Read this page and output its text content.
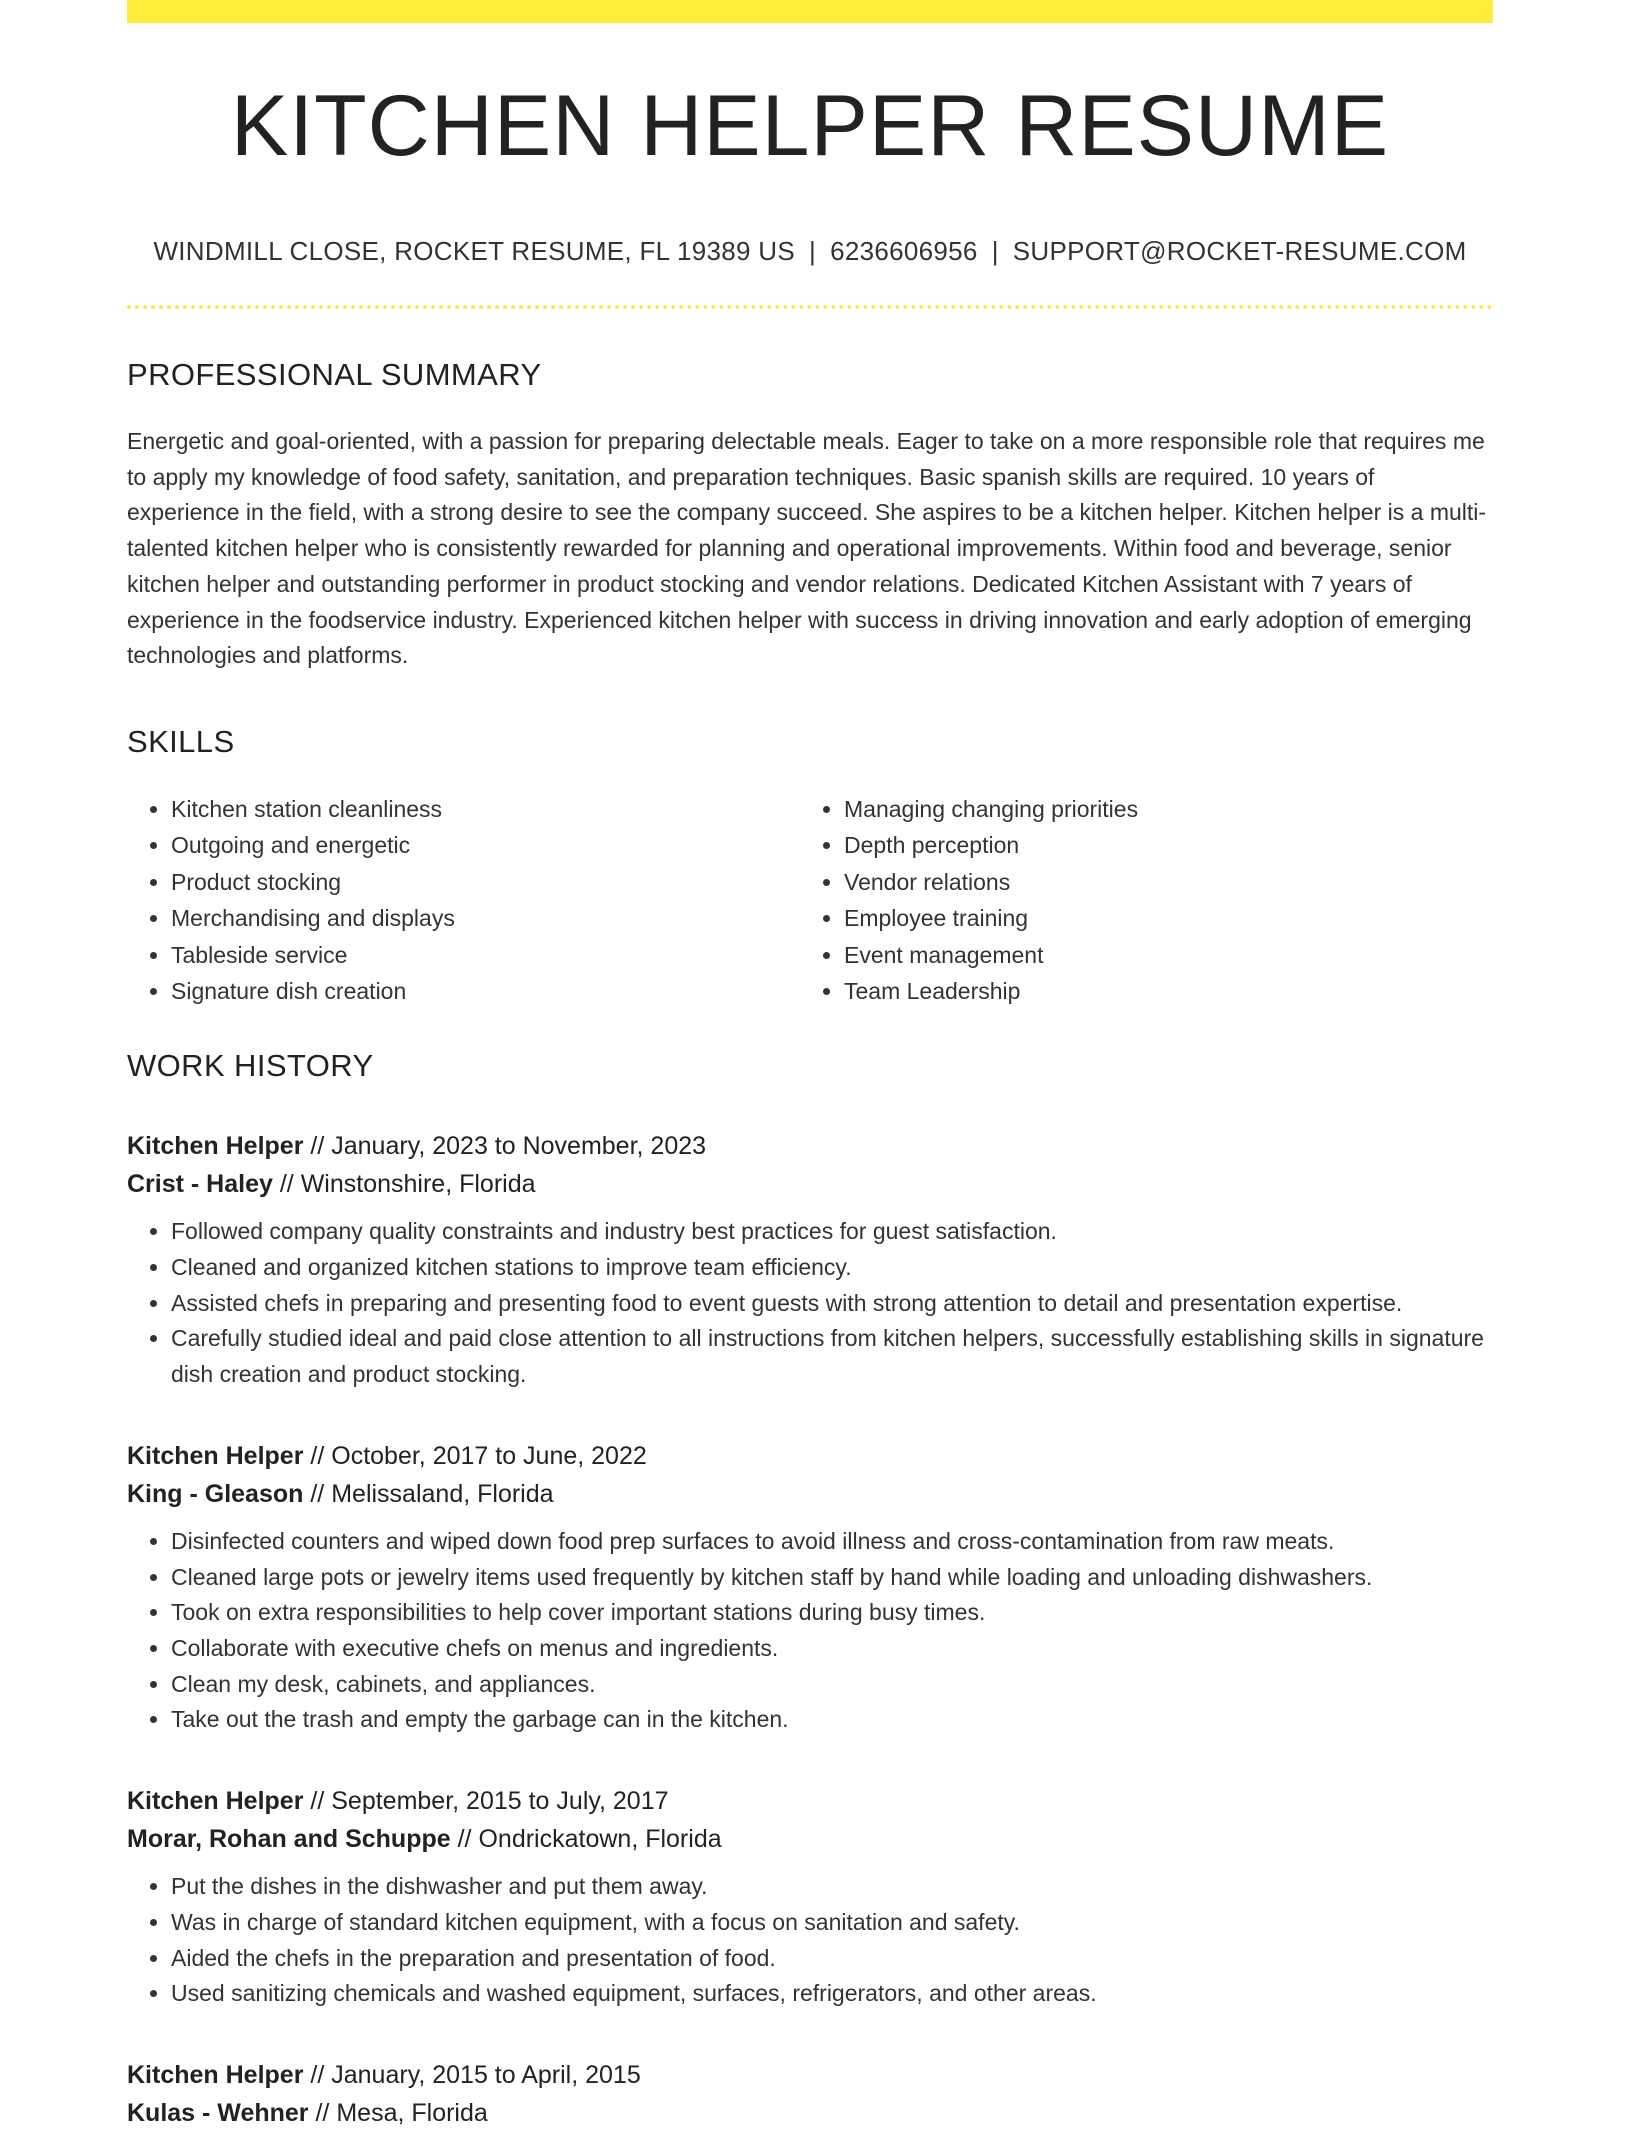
KITCHEN HELPER RESUME
WINDMILL CLOSE, ROCKET RESUME, FL 19389 US | 6236606956 | SUPPORT@ROCKET-RESUME.COM
PROFESSIONAL SUMMARY

Energetic and goal-oriented, with a passion for preparing delectable meals. Eager to take on a more responsible role that requires me to apply my knowledge of food safety, sanitation, and preparation techniques. Basic spanish skills are required. 10 years of experience in the field, with a strong desire to see the company succeed. She aspires to be a kitchen helper. Kitchen helper is a multi-talented kitchen helper who is consistently rewarded for planning and operational improvements. Within food and beverage, senior kitchen helper and outstanding performer in product stocking and vendor relations. Dedicated Kitchen Assistant with 7 years of experience in the foodservice industry. Experienced kitchen helper with success in driving innovation and early adoption of emerging technologies and platforms.

SKILLS
• Kitchen station cleanliness
• Outgoing and energetic
• Product stocking
• Merchandising and displays
• Tableside service
• Signature dish creation
• Managing changing priorities
• Depth perception
• Vendor relations
• Employee training
• Event management
• Team Leadership
WORK HISTORY
Kitchen Helper // January, 2023 to November, 2023
Crist - Haley // Winstonshire, Florida
• Followed company quality constraints and industry best practices for guest satisfaction.
• Cleaned and organized kitchen stations to improve team efficiency.
• Assisted chefs in preparing and presenting food to event guests with strong attention to detail and presentation expertise.
• Carefully studied ideal and paid close attention to all instructions from kitchen helpers, successfully establishing skills in signature dish creation and product stocking.
Kitchen Helper // October, 2017 to June, 2022
King - Gleason // Melissaland, Florida
• Disinfected counters and wiped down food prep surfaces to avoid illness and cross-contamination from raw meats.
• Cleaned large pots or jewelry items used frequently by kitchen staff by hand while loading and unloading dishwashers.
• Took on extra responsibilities to help cover important stations during busy times.
• Collaborate with executive chefs on menus and ingredients.
• Clean my desk, cabinets, and appliances.
• Take out the trash and empty the garbage can in the kitchen.
Kitchen Helper // September, 2015 to July, 2017
Morar, Rohan and Schuppe // Ondrickatown, Florida
• Put the dishes in the dishwasher and put them away.
• Was in charge of standard kitchen equipment, with a focus on sanitation and safety.
• Aided the chefs in the preparation and presentation of food.
• Used sanitizing chemicals and washed equipment, surfaces, refrigerators, and other areas.
Kitchen Helper // January, 2015 to April, 2015
Kulas - Wehner // Mesa, Florida
